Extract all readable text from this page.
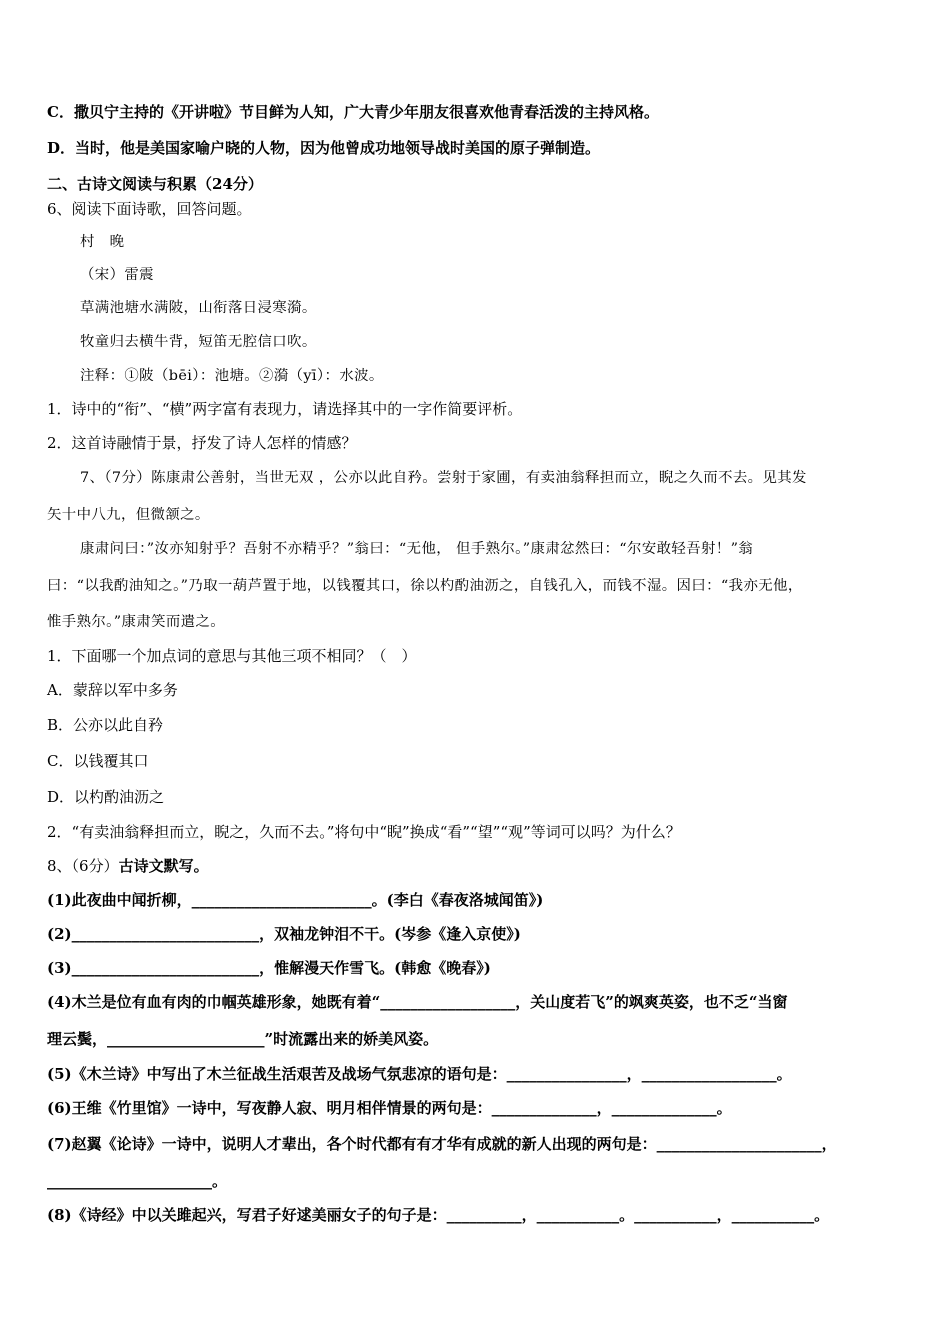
C．撒贝宁主持的《开讲啦》节目鲜为人知，广大青少年朋友很喜欢他青春活泼的主持风格。
D．当时，他是美国家喻户晓的人物，因为他曾成功地领导战时美国的原子弹制造。
二、古诗文阅读与积累（24分）
6、阅读下面诗歌，回答问题。
村　晚
（宋）雷震
草满池塘水满陂，山衔落日浸寒漪。
牧童归去横牛背，短笛无腔信口吹。
注释：①陂（bēi）：池塘。②漪（yī）：水波。
1．诗中的“衔”、“横”两字富有表现力，请选择其中的一字作简要评析。
2．这首诗融情于景，抒发了诗人怎样的情感？
7、（7分）陈康肃公善射，当世无双 ，公亦以此自矜。尝射于家圃，有卖油翁释担而立，睨之久而不去。见其发
矢十中八九，但微颔之。
康肃问曰：”汝亦知射乎？吾射不亦精乎？”翁曰：“无他， 但手熟尔。”康肃忿然曰：“尔安敢轻吾射！”翁
曰：“以我酌油知之。”乃取一葫芦置于地，以钱覆其口，徐以杓酌油沥之，自钱孔入，而钱不湿。因曰：“我亦无他，
惟手熟尔。”康肃笑而遣之。
1．下面哪一个加点词的意思与其他三项不相同？（　）
A．蒙辞以军中多务
B．公亦以此自矜
C．以钱覆其口
D．以杓酌油沥之
2．“有卖油翁释担而立，睨之，久而不去。”将句中“睨”换成“看”“望”“观”等词可以吗？为什么？
8、（6分）古诗文默写。
(1)此夜曲中闻折柳，________________________。(李白《春夜洛城闻笛》)
(2)_________________________，双袖龙钟泪不干。(岑参《逢入京使》)
(3)_________________________，惟解漫天作雪飞。(韩愈《晚春》)
(4)木兰是位有血有肉的巾帼英雄形象，她既有着“__________________，关山度若飞”的飒爽英姿，也不乏“当窗
理云鬓，_____________________”时流露出来的娇美风姿。
(5)《木兰诗》中写出了木兰征战生活艰苦及战场气氛悲凉的语句是：________________，__________________。
(6)王维《竹里馆》一诗中，写夜静人寂、明月相伴情景的两句是：______________，______________。
(7)赵翼《论诗》一诗中，说明人才辈出，各个时代都有有才华有成就的新人出现的两句是：______________________，
______________________。
(8)《诗经》中以关雎起兴，写君子好逑美丽女子的句子是：__________，___________。___________，___________。
